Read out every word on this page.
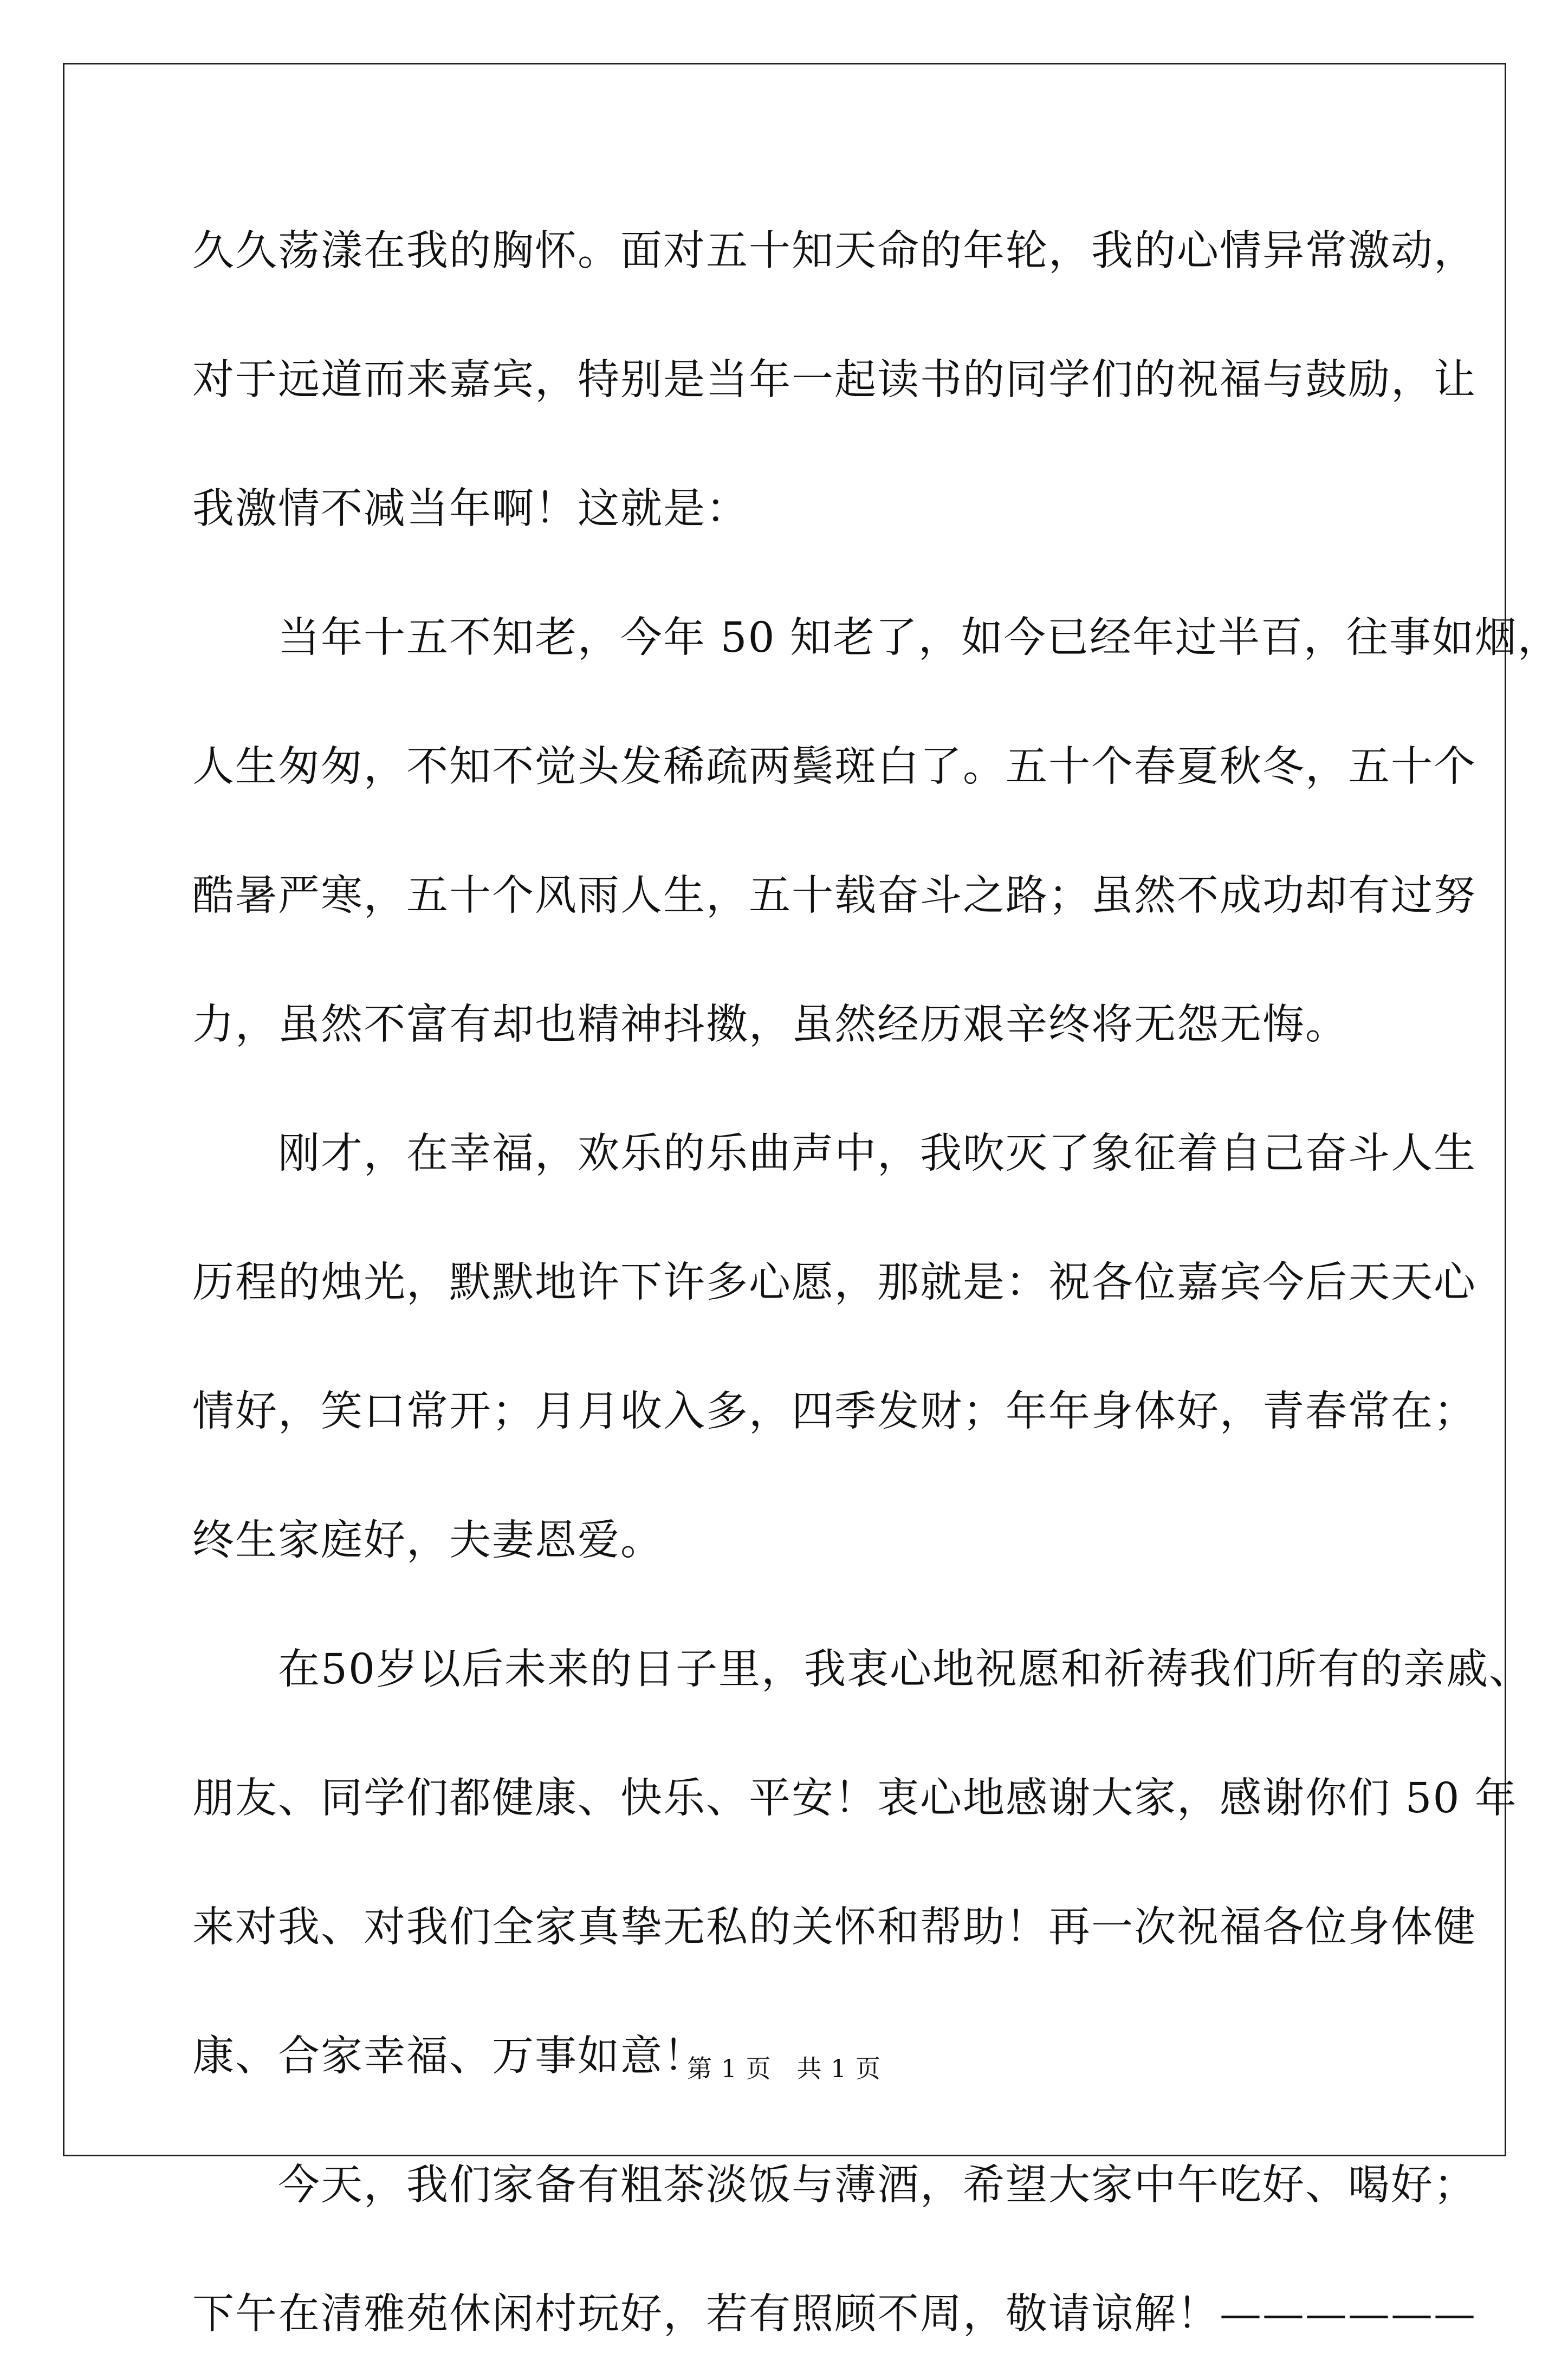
久久荡漾在我的胸怀。面对五十知天命的年轮，我的心情异常激动，
对于远道而来嘉宾，特别是当年一起读书的同学们的祝福与鼓励，让
我激情不减当年啊！这就是：
　　当年十五不知老，今年 50 知老了，如今已经年过半百，往事如烟，
人生匆匆，不知不觉头发稀疏两鬓斑白了。五十个春夏秋冬，五十个
酷暑严寒，五十个风雨人生，五十载奋斗之路；虽然不成功却有过努
力，虽然不富有却也精神抖擞，虽然经历艰辛终将无怨无悔。
　　刚才，在幸福，欢乐的乐曲声中，我吹灭了象征着自己奋斗人生
历程的烛光，默默地许下许多心愿，那就是：祝各位嘉宾今后天天心
情好，笑口常开；月月收入多，四季发财；年年身体好，青春常在；
终生家庭好，夫妻恩爱。
　　在50岁以后未来的日子里，我衷心地祝愿和祈祷我们所有的亲戚、
朋友、同学们都健康、快乐、平安！衷心地感谢大家，感谢你们 50 年
来对我、对我们全家真挚无私的关怀和帮助！再一次祝福各位身体健
康、合家幸福、万事如意！
　　今天，我们家备有粗茶淡饭与薄酒，希望大家中午吃好、喝好；
下午在清雅苑休闲村玩好，若有照顾不周，敬请谅解！——————
第 1 页   共 1 页
